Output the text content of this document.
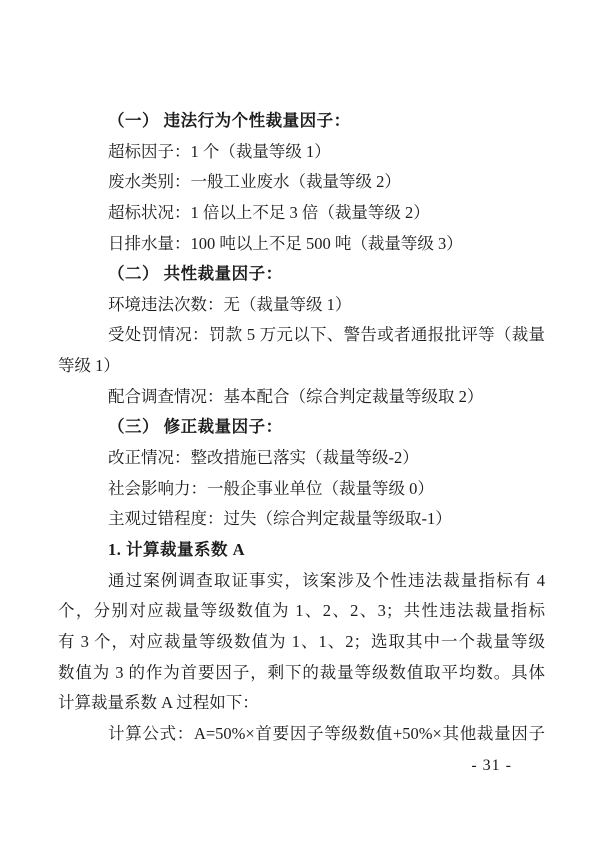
（一） 违法行为个性裁量因子：
超标因子：1 个（裁量等级 1）
废水类别：一般工业废水（裁量等级 2）
超标状况：1 倍以上不足 3 倍（裁量等级 2）
日排水量：100 吨以上不足 500 吨（裁量等级 3）
（二） 共性裁量因子：
环境违法次数：无（裁量等级 1）
受处罚情况：罚款 5 万元以下、警告或者通报批评等（裁量
等级 1）
配合调查情况：基本配合（综合判定裁量等级取 2）
（三） 修正裁量因子：
改正情况：整改措施已落实（裁量等级-2）
社会影响力：一般企事业单位（裁量等级 0）
主观过错程度：过失（综合判定裁量等级取-1）
1. 计算裁量系数 A
通过案例调查取证事实，该案涉及个性违法裁量指标有 4
个，分别对应裁量等级数值为 1、2、2、3；共性违法裁量指标
有 3 个，对应裁量等级数值为 1、1、2；选取其中一个裁量等级
数值为 3 的作为首要因子，剩下的裁量等级数值取平均数。具体
计算裁量系数 A 过程如下：
计算公式：A=50%×首要因子等级数值+50%×其他裁量因子
- 31 -
